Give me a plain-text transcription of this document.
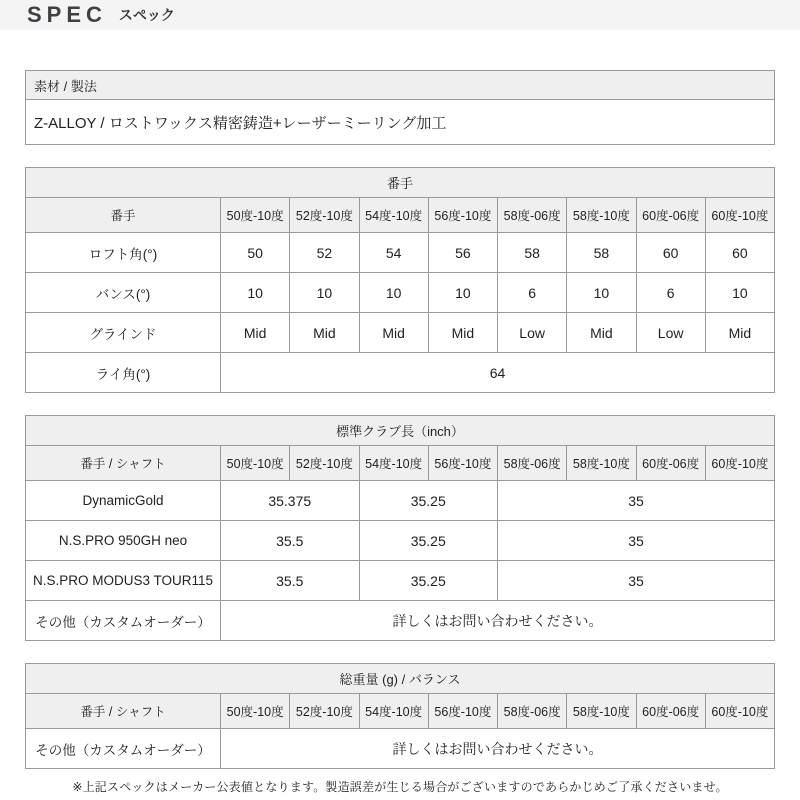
SPEC スペック
素材 / 製法
Z-ALLOY / ロストワックス精密鋳造+レーザーミーリング加工
番手								
番手	50度-10度	52度-10度	54度-10度	56度-10度	58度-06度	58度-10度	60度-06度	60度-10度
ロフト角(°)	50	52	54	56	58	58	60	60
バンス(°)	10	10	10	10	6	10	6	10
グラインド	Mid	Mid	Mid	Mid	Low	Mid	Low	Mid
ライ角(°)	64							
標準クラブ長（inch）								
番手 / シャフト	50度-10度	52度-10度	54度-10度	56度-10度	58度-06度	58度-10度	60度-06度	60度-10度
DynamicGold	35.375		35.25		35			
N.S.PRO 950GH neo	35.5		35.25		35			
N.S.PRO MODUS3 TOUR115	35.5		35.25		35			
その他（カスタムオーダー）	詳しくはお問い合わせください。							
総重量 (g) / バランス								
番手 / シャフト	50度-10度	52度-10度	54度-10度	56度-10度	58度-06度	58度-10度	60度-06度	60度-10度
その他（カスタムオーダー）	詳しくはお問い合わせください。							
※上記スペックはメーカー公表値となります。製造誤差が生じる場合がございますのであらかじめご了承くださいませ。
